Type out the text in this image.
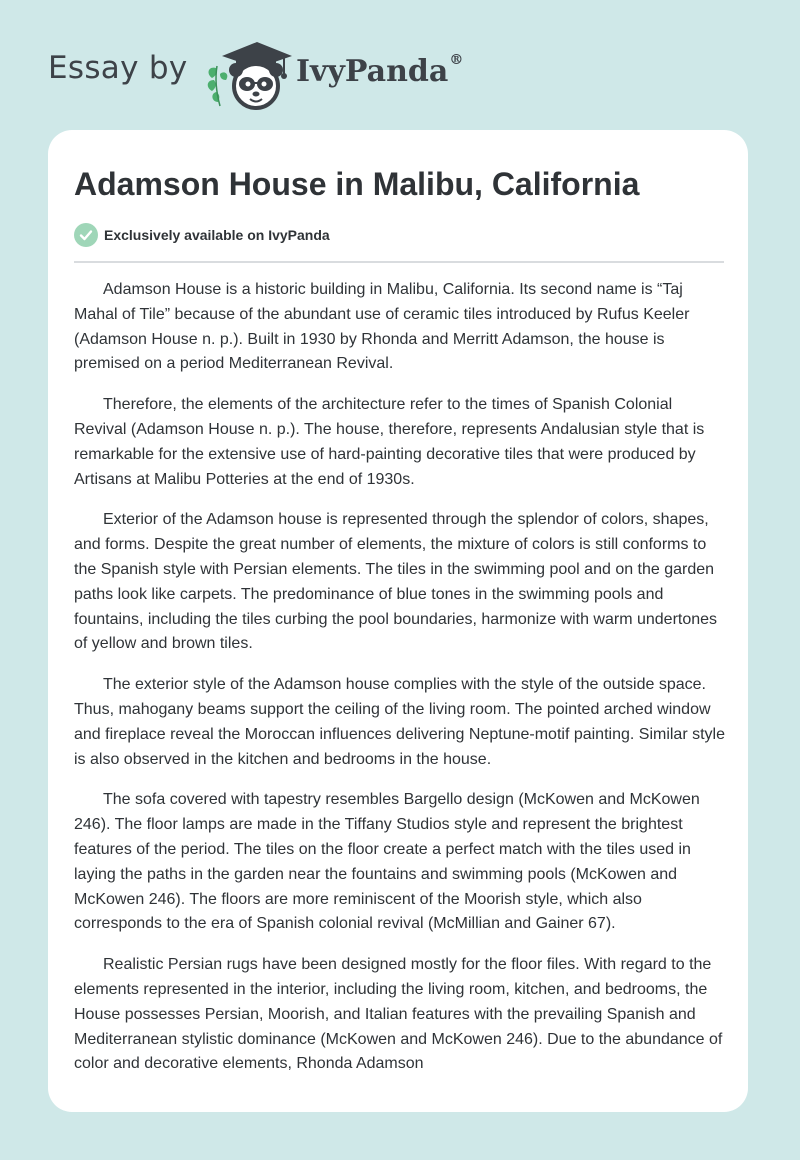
Essay by	IvyPanda®
Adamson House in Malibu, California
Exclusively available on IvyPanda

Adamson House is a historic building in Malibu, California. Its second name is “Taj Mahal of Tile” because of the abundant use of ceramic tiles introduced by Rufus Keeler (Adamson House n. p.). Built in 1930 by Rhonda and Merritt Adamson, the house is premised on a period Mediterranean Revival.

Therefore, the elements of the architecture refer to the times of Spanish Colonial Revival (Adamson House n. p.). The house, therefore, represents Andalusian style that is remarkable for the extensive use of hard-painting decorative tiles that were produced by Artisans at Malibu Potteries at the end of 1930s.

Exterior of the Adamson house is represented through the splendor of colors, shapes, and forms. Despite the great number of elements, the mixture of colors is still conforms to the Spanish style with Persian elements. The tiles in the swimming pool and on the garden paths look like carpets. The predominance of blue tones in the swimming pools and fountains, including the tiles curbing the pool boundaries, harmonize with warm undertones of yellow and brown tiles.

The exterior style of the Adamson house complies with the style of the outside space. Thus, mahogany beams support the ceiling of the living room. The pointed arched window and fireplace reveal the Moroccan influences delivering Neptune-motif painting. Similar style is also observed in the kitchen and bedrooms in the house.

The sofa covered with tapestry resembles Bargello design (McKowen and McKowen 246). The floor lamps are made in the Tiffany Studios style and represent the brightest features of the period. The tiles on the floor create a perfect match with the tiles used in laying the paths in the garden near the fountains and swimming pools (McKowen and McKowen 246). The floors are more reminiscent of the Moorish style, which also corresponds to the era of Spanish colonial revival (McMillian and Gainer 67).

Realistic Persian rugs have been designed mostly for the floor files. With regard to the elements represented in the interior, including the living room, kitchen, and bedrooms, the House possesses Persian, Moorish, and Italian features with the prevailing Spanish and Mediterranean stylistic dominance (McKowen and McKowen 246). Due to the abundance of color and decorative elements, Rhonda Adamson
